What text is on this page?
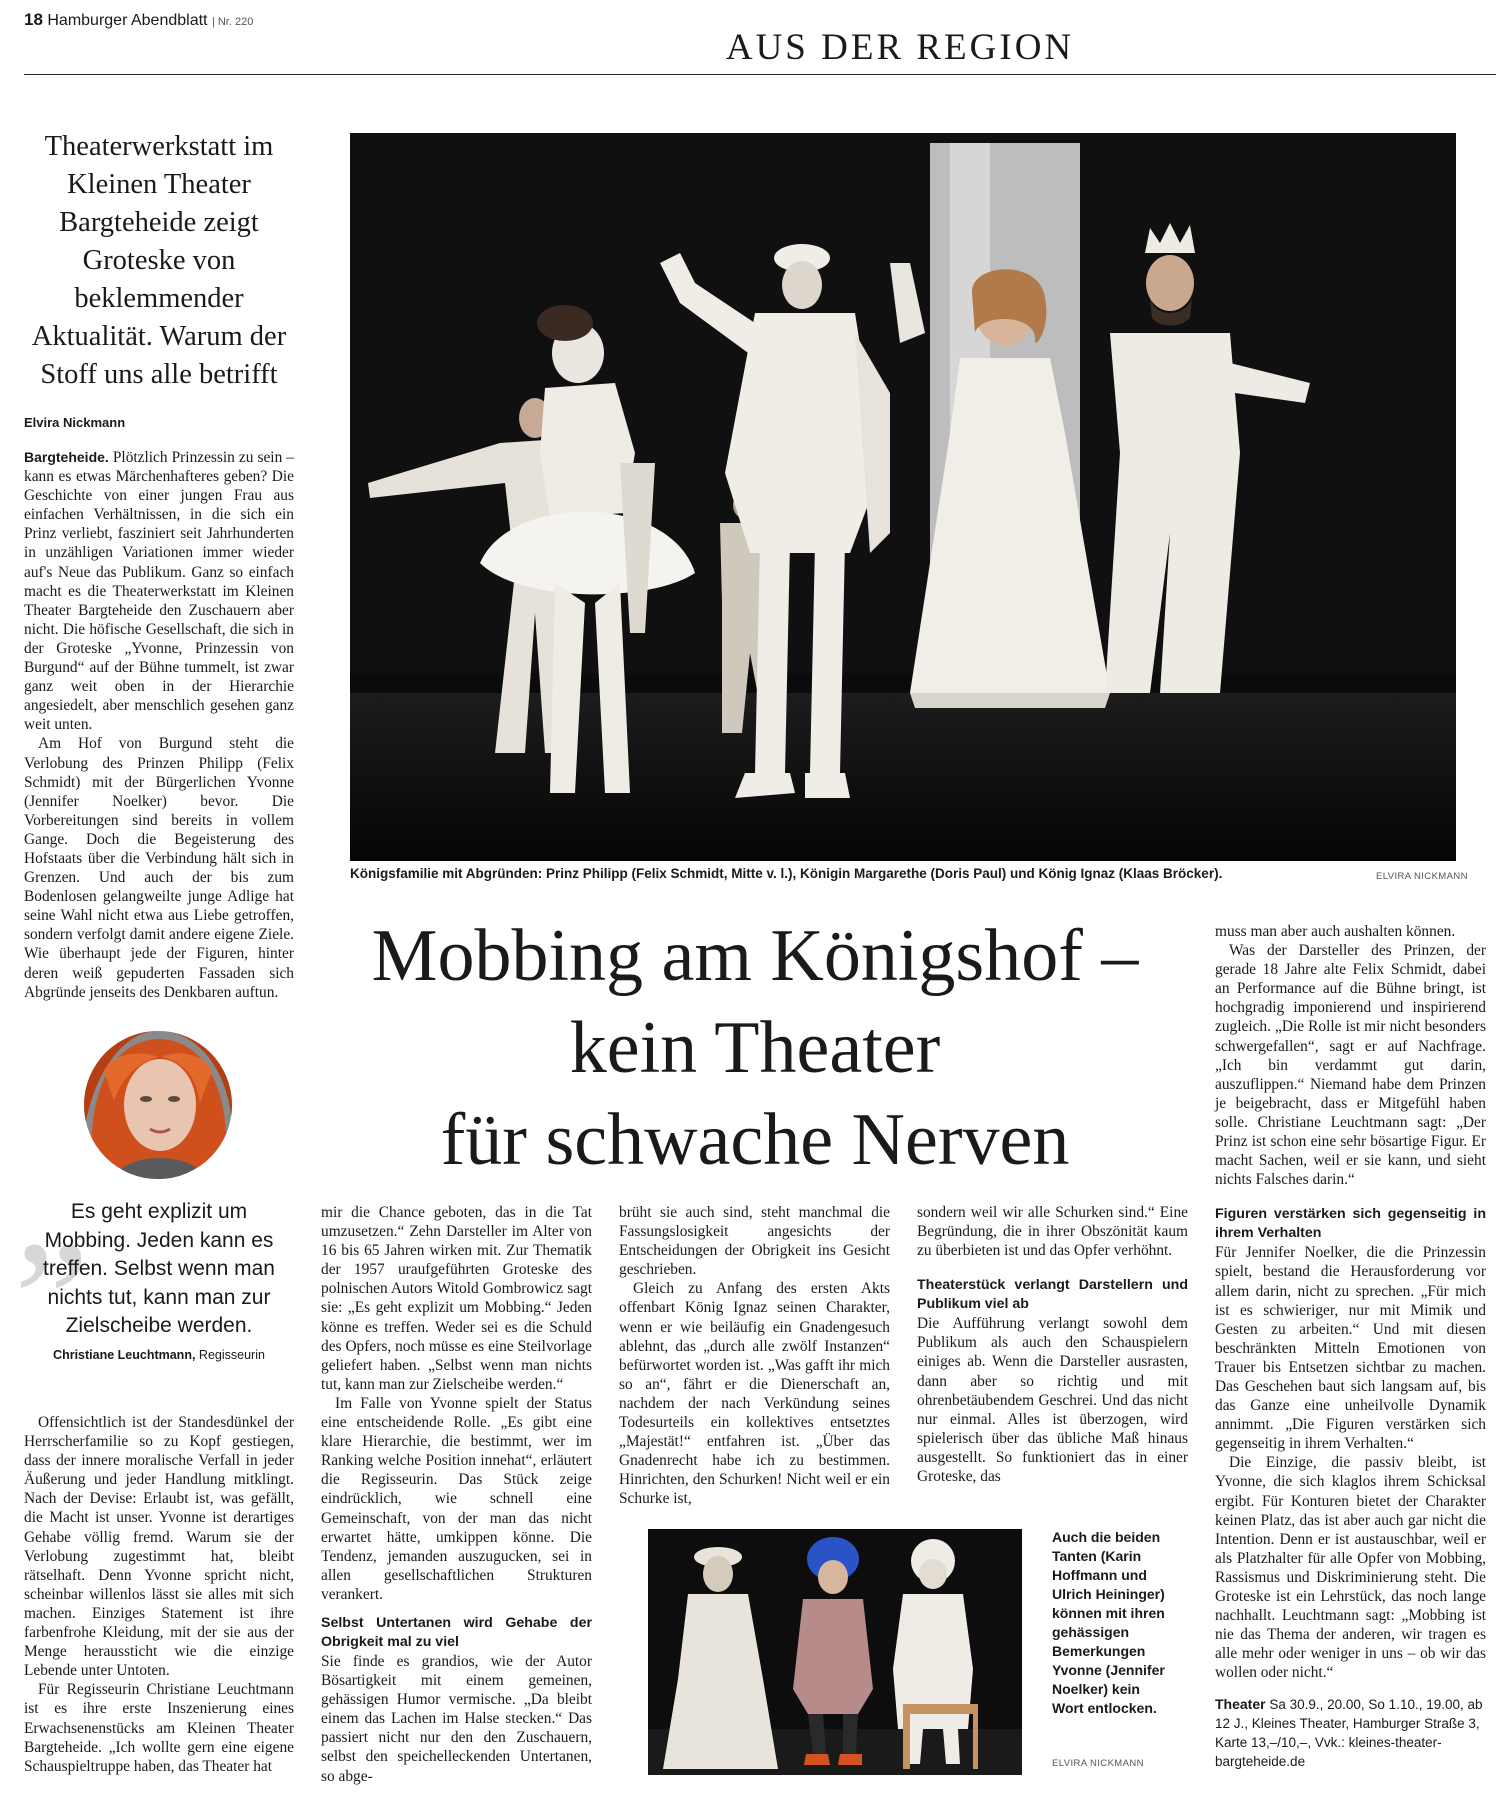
18 Hamburger Abendblatt | Nr. 220
AUS DER REGION
Theaterwerkstatt im Kleinen Theater Bargteheide zeigt Groteske von beklemmender Aktualität. Warum der Stoff uns alle betrifft
Elvira Nickmann

Bargteheide. Plötzlich Prinzessin zu sein – kann es etwas Märchenhafteres geben? Die Geschichte von einer jungen Frau aus einfachen Verhältnissen, in die sich ein Prinz verliebt, fasziniert seit Jahrhunderten in unzähligen Variationen immer wieder auf's Neue das Publikum. Ganz so einfach macht es die Theaterwerkstatt im Kleinen Theater Bargteheide den Zuschauern aber nicht. Die höfische Gesellschaft, die sich in der Groteske „Yvonne, Prinzessin von Burgund“ auf der Bühne tummelt, ist zwar ganz weit oben in der Hierarchie angesiedelt, aber menschlich gesehen ganz weit unten.

Am Hof von Burgund steht die Verlobung des Prinzen Philipp (Felix Schmidt) mit der Bürgerlichen Yvonne (Jennifer Noelker) bevor. Die Vorbereitungen sind bereits in vollem Gange. Doch die Begeisterung des Hofstaats über die Verbindung hält sich in Grenzen. Und auch der bis zum Bodenlosen gelangweilte junge Adlige hat seine Wahl nicht etwa aus Liebe getroffen, sondern verfolgt damit andere eigene Ziele. Wie überhaupt jede der Figuren, hinter deren weiß gepuderten Fassaden sich Abgründe jenseits des Denkbaren auftun.

„
Es geht explizit um Mobbing. Jeden kann es treffen. Selbst wenn man nichts tut, kann man zur Zielscheibe werden.
Christiane Leuchtmann, Regisseurin

Offensichtlich ist der Standesdünkel der Herrscherfamilie so zu Kopf gestiegen, dass der innere moralische Verfall in jeder Äußerung und jeder Handlung mitklingt. Nach der Devise: Erlaubt ist, was gefällt, die Macht ist unser. Yvonne ist derartiges Gehabe völlig fremd. Warum sie der Verlobung zugestimmt hat, bleibt rätselhaft. Denn Yvonne spricht nicht, scheinbar willenlos lässt sie alles mit sich machen. Einziges Statement ist ihre farbenfrohe Kleidung, mit der sie aus der Menge heraussticht wie die einzige Lebende unter Untoten.

Für Regisseurin Christiane Leuchtmann ist es ihre erste Inszenierung eines Erwachsenenstücks am Kleinen Theater Bargteheide. „Ich wollte gern eine eigene Schauspieltruppe haben, das Theater hat

Königsfamilie mit Abgründen: Prinz Philipp (Felix Schmidt, Mitte v. l.), Königin Margarethe (Doris Paul) und König Ignaz (Klaas Bröcker).	ELVIRA NICKMANN
Mobbing am Königshof –
kein Theater
für schwache Nerven

mir die Chance geboten, das in die Tat umzusetzen.“ Zehn Darsteller im Alter von 16 bis 65 Jahren wirken mit. Zur Thematik der 1957 uraufgeführten Groteske des polnischen Autors Witold Gombrowicz sagt sie: „Es geht explizit um Mobbing.“ Jeden könne es treffen. Weder sei es die Schuld des Opfers, noch müsse es eine Steilvorlage geliefert haben. „Selbst wenn man nichts tut, kann man zur Zielscheibe werden.“

Im Falle von Yvonne spielt der Status eine entscheidende Rolle. „Es gibt eine klare Hierarchie, die bestimmt, wer im Ranking welche Position innehat“, erläutert die Regisseurin. Das Stück zeige eindrücklich, wie schnell eine Gemeinschaft, von der man das nicht erwartet hätte, umkippen könne. Die Tendenz, jemanden auszugucken, sei in allen gesellschaftlichen Strukturen verankert.

Selbst Untertanen wird Gehabe der Obrigkeit mal zu viel

Sie finde es grandios, wie der Autor Bösartigkeit mit einem gemeinen, gehässigen Humor vermische. „Da bleibt einem das Lachen im Halse stecken.“ Das passiert nicht nur den den Zuschauern, selbst den speichelleckenden Untertanen, so abge-

brüht sie auch sind, steht manchmal die Fassungslosigkeit angesichts der Entscheidungen der Obrigkeit ins Gesicht geschrieben.

Gleich zu Anfang des ersten Akts offenbart König Ignaz seinen Charakter, wenn er wie beiläufig ein Gnadengesuch ablehnt, das „durch alle zwölf Instanzen“ befürwortet worden ist. „Was gafft ihr mich so an“, fährt er die Dienerschaft an, nachdem der nach Verkündung seines Todesurteils ein kollektives entsetztes „Majestät!“ entfahren ist. „Über das Gnadenrecht habe ich zu bestimmen. Hinrichten, den Schurken! Nicht weil er ein Schurke ist,

sondern weil wir alle Schurken sind.“ Eine Begründung, die in ihrer Obszönität kaum zu überbieten ist und das Opfer verhöhnt.

Theaterstück verlangt Darstellern und Publikum viel ab

Die Aufführung verlangt sowohl dem Publikum als auch den Schauspielern einiges ab. Wenn die Darsteller ausrasten, dann aber so richtig und mit ohrenbetäubendem Geschrei. Und das nicht nur einmal. Alles ist überzogen, wird spielerisch über das übliche Maß hinaus ausgestellt. So funktioniert das in einer Groteske, das

muss man aber auch aushalten können.

Was der Darsteller des Prinzen, der gerade 18 Jahre alte Felix Schmidt, dabei an Performance auf die Bühne bringt, ist hochgradig imponierend und inspirierend zugleich. „Die Rolle ist mir nicht besonders schwergefallen“, sagt er auf Nachfrage. „Ich bin verdammt gut darin, auszuflippen.“ Niemand habe dem Prinzen je beigebracht, dass er Mitgefühl haben solle. Christiane Leuchtmann sagt: „Der Prinz ist schon eine sehr bösartige Figur. Er macht Sachen, weil er sie kann, und sieht nichts Falsches darin.“

Figuren verstärken sich gegenseitig in ihrem Verhalten

Für Jennifer Noelker, die die Prinzessin spielt, bestand die Herausforderung vor allem darin, nicht zu sprechen. „Für mich ist es schwieriger, nur mit Mimik und Gesten zu arbeiten.“ Und mit diesen beschränkten Mitteln Emotionen von Trauer bis Entsetzen sichtbar zu machen. Das Geschehen baut sich langsam auf, bis das Ganze eine unheilvolle Dynamik annimmt. „Die Figuren verstärken sich gegenseitig in ihrem Verhalten.“

Die Einzige, die passiv bleibt, ist Yvonne, die sich klaglos ihrem Schicksal ergibt. Für Konturen bietet der Charakter keinen Platz, das ist aber auch gar nicht die Intention. Denn er ist austauschbar, weil er als Platzhalter für alle Opfer von Mobbing, Rassismus und Diskriminierung steht. Die Groteske ist ein Lehrstück, das noch lange nachhallt. Leuchtmann sagt: „Mobbing ist nie das Thema der anderen, wir tragen es alle mehr oder weniger in uns – ob wir das wollen oder nicht.“

Auch die beiden Tanten (Karin Hoffmann und Ulrich Heininger) können mit ihren gehässigen Bemerkungen Yvonne (Jennifer Noelker) kein Wort entlocken.
ELVIRA NICKMANN
Theater Sa 30.9., 20.00, So 1.10., 19.00, ab 12 J., Kleines Theater, Hamburger Straße 3, Karte 13,–/10,–, Vvk.: kleines-theater-bargteheide.de
